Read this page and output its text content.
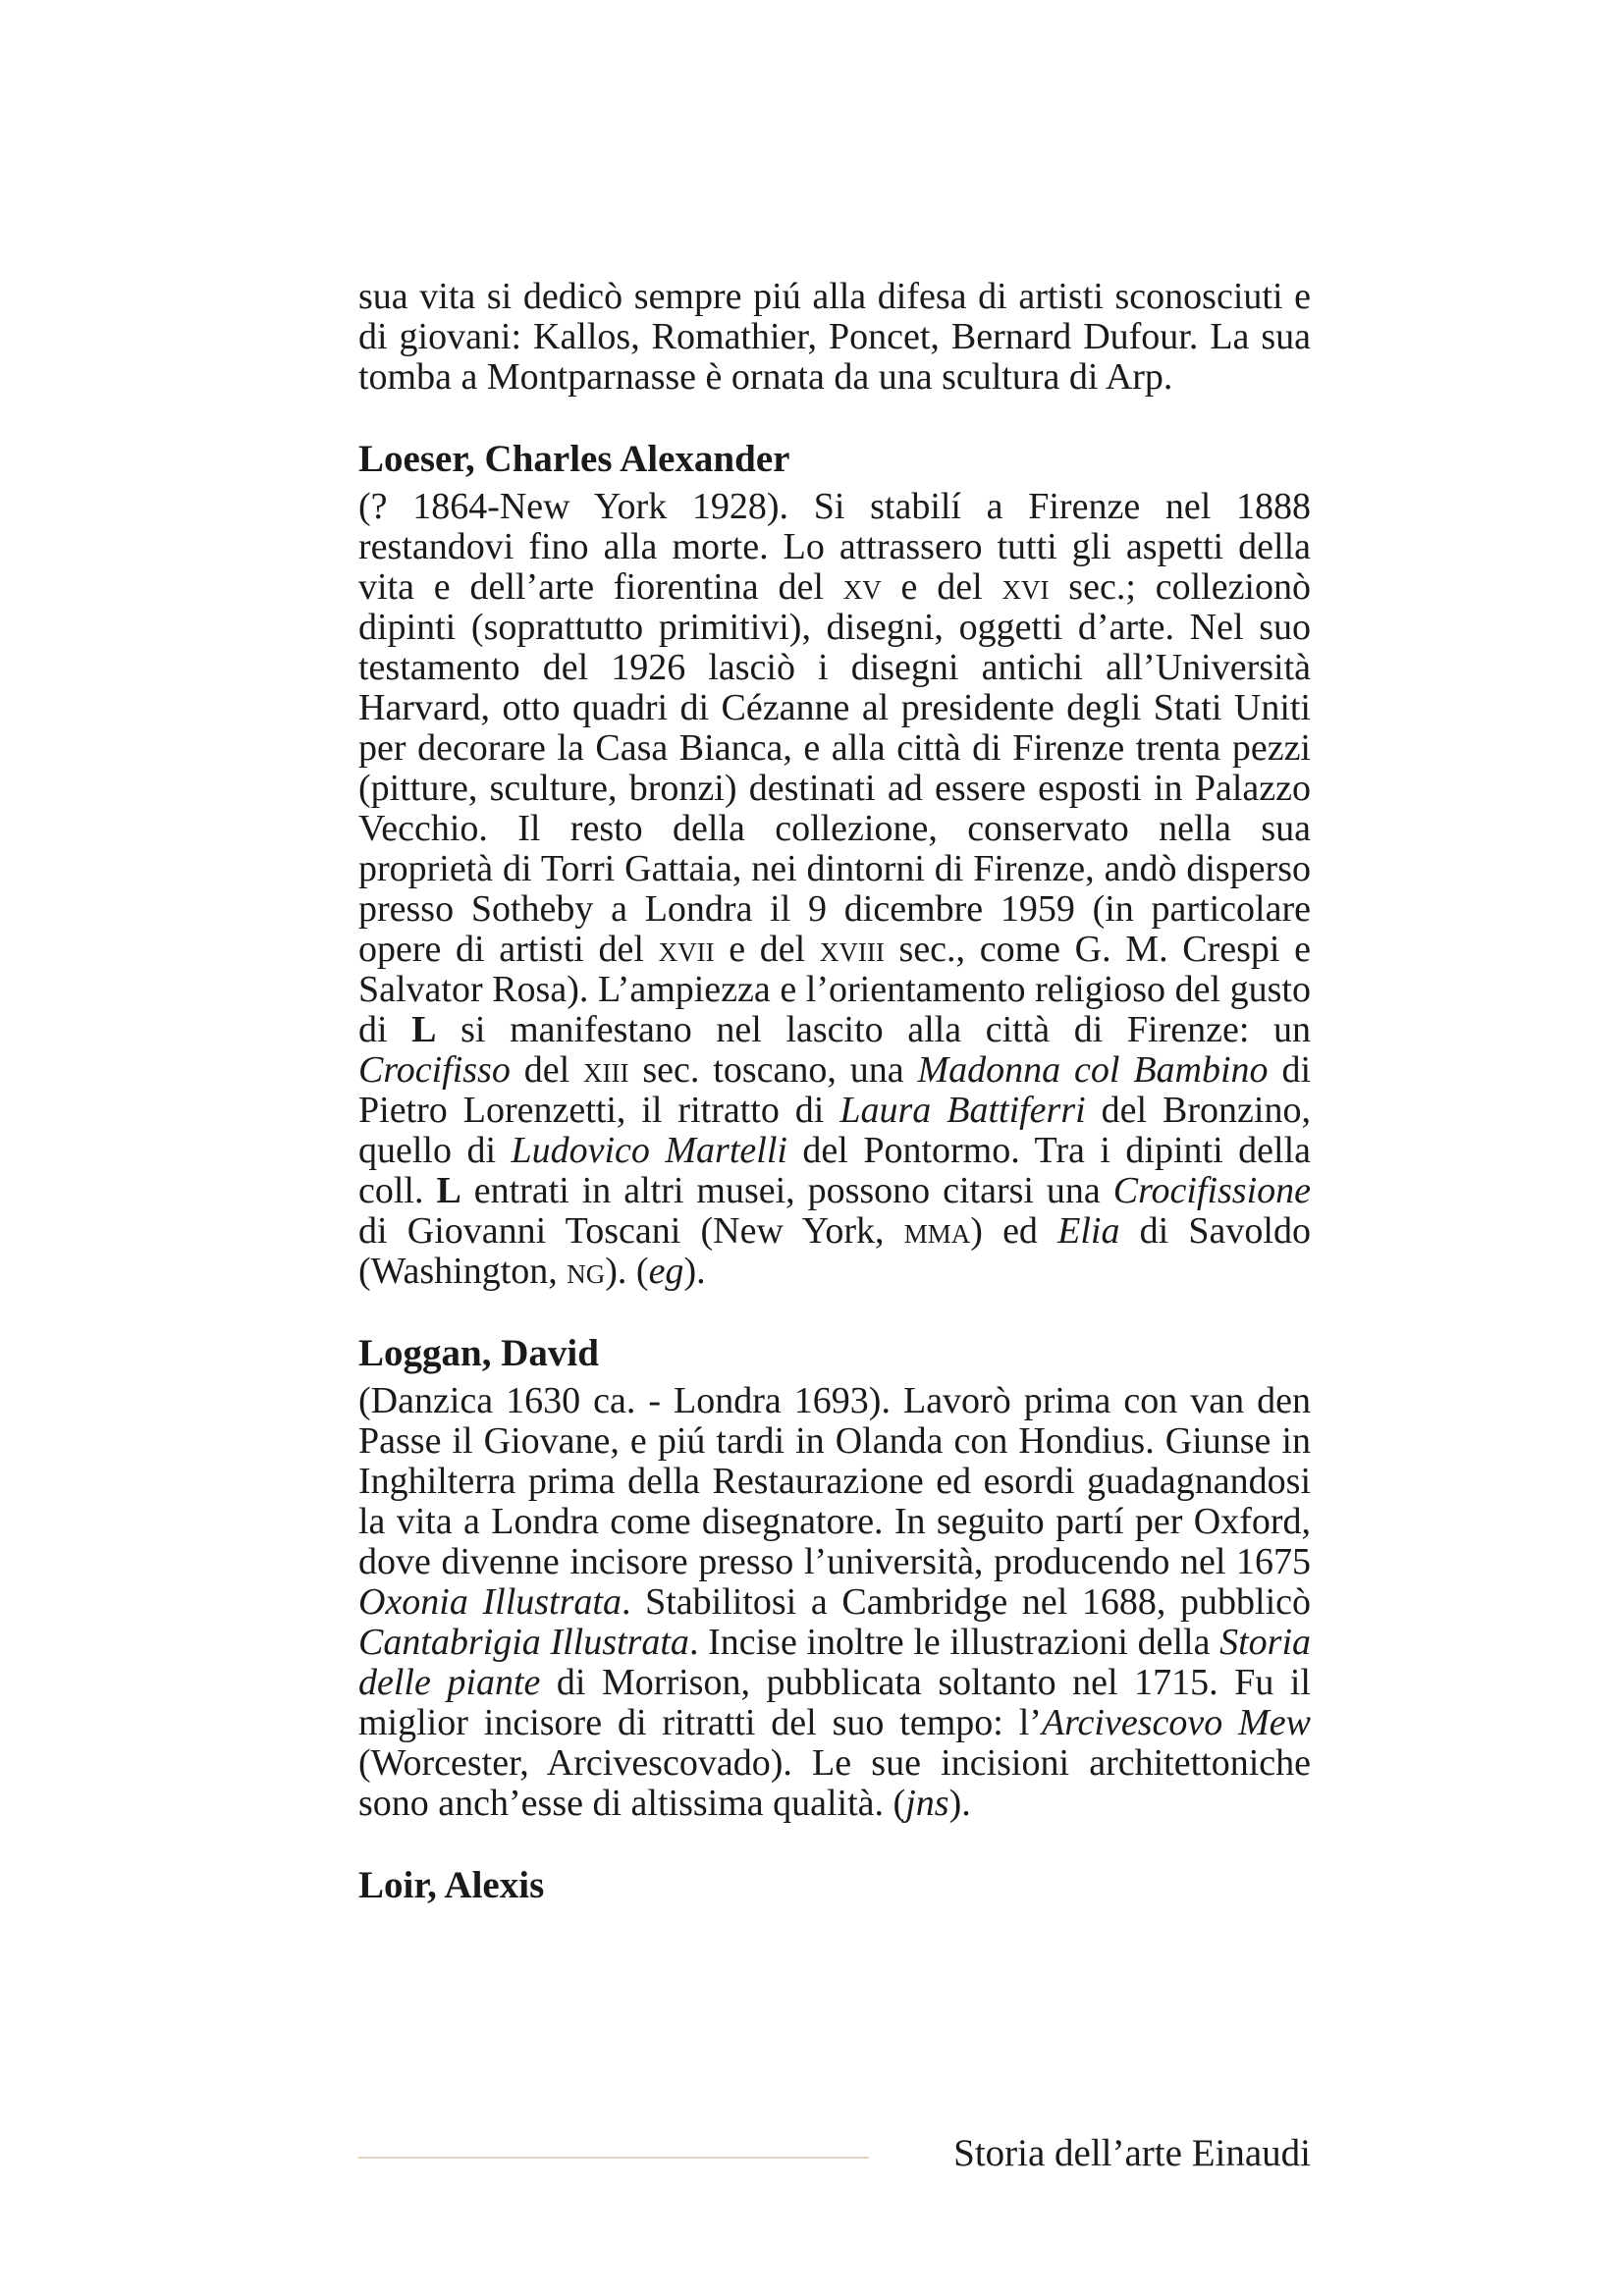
sua vita si dedicò sempre piú alla difesa di artisti sconosciuti e di giovani: Kallos, Romathier, Poncet, Bernard Dufour. La sua tomba a Montparnasse è ornata da una scultura di Arp.

Loeser, Charles Alexander

(? 1864-New York 1928). Si stabilí a Firenze nel 1888 restandovi fino alla morte. Lo attrassero tutti gli aspetti della vita e dell’arte fiorentina del xv e del xvi sec.; collezionò dipinti (soprattutto primitivi), disegni, oggetti d’arte. Nel suo testamento del 1926 lasciò i disegni antichi all’Università Harvard, otto quadri di Cézanne al presidente degli Stati Uniti per decorare la Casa Bianca, e alla città di Firenze trenta pezzi (pitture, sculture, bronzi) destinati ad essere esposti in Palazzo Vecchio. Il resto della collezione, conservato nella sua proprietà di Torri Gattaia, nei dintorni di Firenze, andò disperso presso Sotheby a Londra il 9 dicembre 1959 (in particolare opere di artisti del xvii e del xviii sec., come G. M. Crespi e Salvator Rosa). L’ampiezza e l’orientamento religioso del gusto di L si manifestano nel lascito alla città di Firenze: un Crocifisso del xiii sec. toscano, una Madonna col Bambino di Pietro Lorenzetti, il ritratto di Laura Battiferri del Bronzino, quello di Ludovico Martelli del Pontormo. Tra i dipinti della coll. L entrati in altri musei, possono citarsi una Crocifissione di Giovanni Toscani (New York, mma) ed Elia di Savoldo (Washington, ng). (eg).

Loggan, David

(Danzica 1630 ca. - Londra 1693). Lavorò prima con van den Passe il Giovane, e piú tardi in Olanda con Hondius. Giunse in Inghilterra prima della Restaurazione ed esordi guadagnandosi la vita a Londra come disegnatore. In seguito partí per Oxford, dove divenne incisore presso l’università, producendo nel 1675 Oxonia Illustrata. Stabilitosi a Cambridge nel 1688, pubblicò Cantabrigia Illustrata. Incise inoltre le illustrazioni della Storia delle piante di Morrison, pubblicata soltanto nel 1715. Fu il miglior incisore di ritratti del suo tempo: l’Arcivescovo Mew (Worcester, Arcivescovado). Le sue incisioni architettoniche sono anch’esse di altissima qualità. (jns).

Loir, Alexis
Storia dell’arte Einaudi
